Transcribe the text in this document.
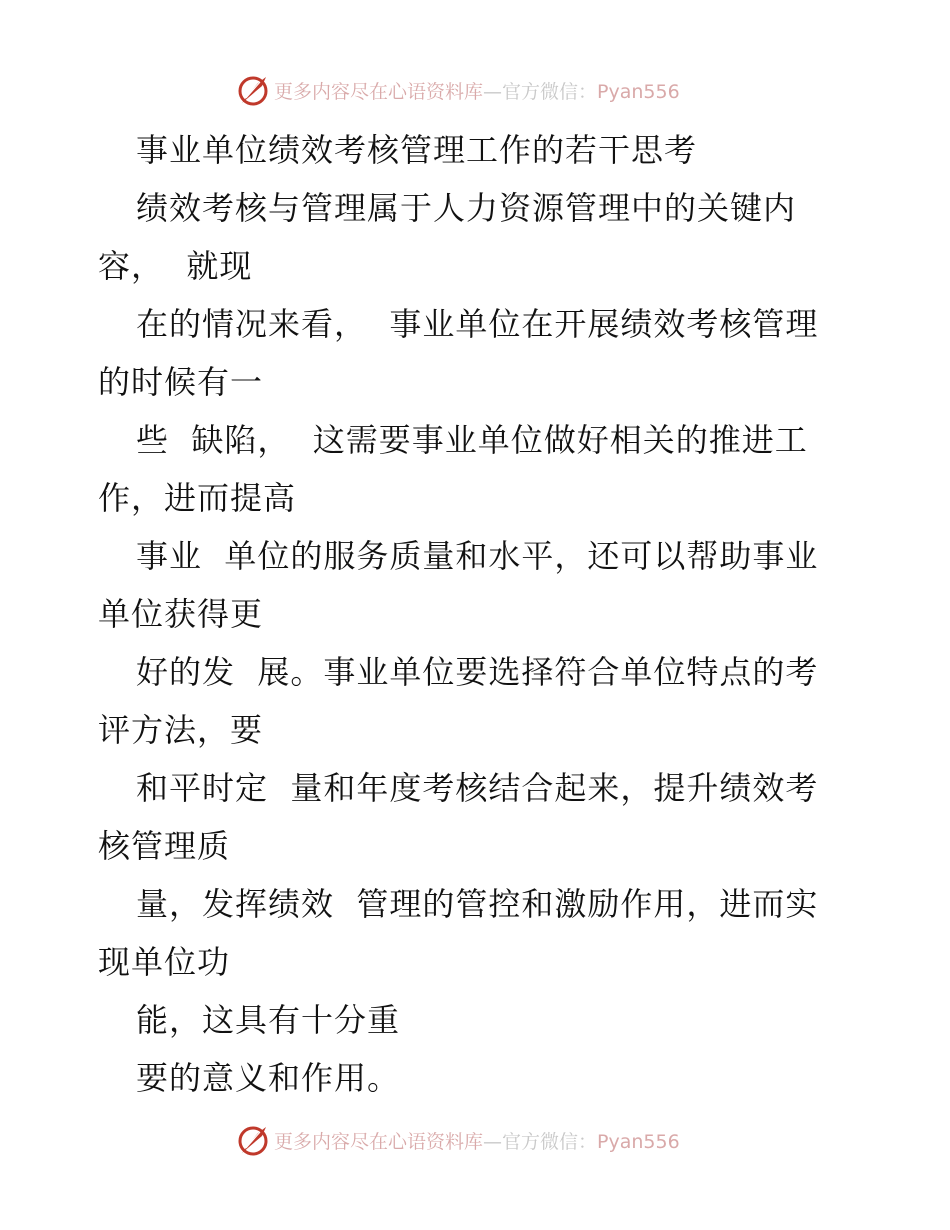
更多内容尽在心语资料库—官方微信：Pyan556
事业单位绩效考核管理工作的若干思考
绩效考核与管理属于人力资源管理中的关键内
容，  就现
在的情况来看，  事业单位在开展绩效考核管理
的时候有一
些  缺陷，  这需要事业单位做好相关的推进工
作，进而提高
事业  单位的服务质量和水平，还可以帮助事业
单位获得更
好的发  展。事业单位要选择符合单位特点的考
评方法，要
和平时定  量和年度考核结合起来，提升绩效考
核管理质
量，发挥绩效  管理的管控和激励作用，进而实
现单位功
能，这具有十分重
要的意义和作用。
更多内容尽在心语资料库—官方微信：Pyan556
